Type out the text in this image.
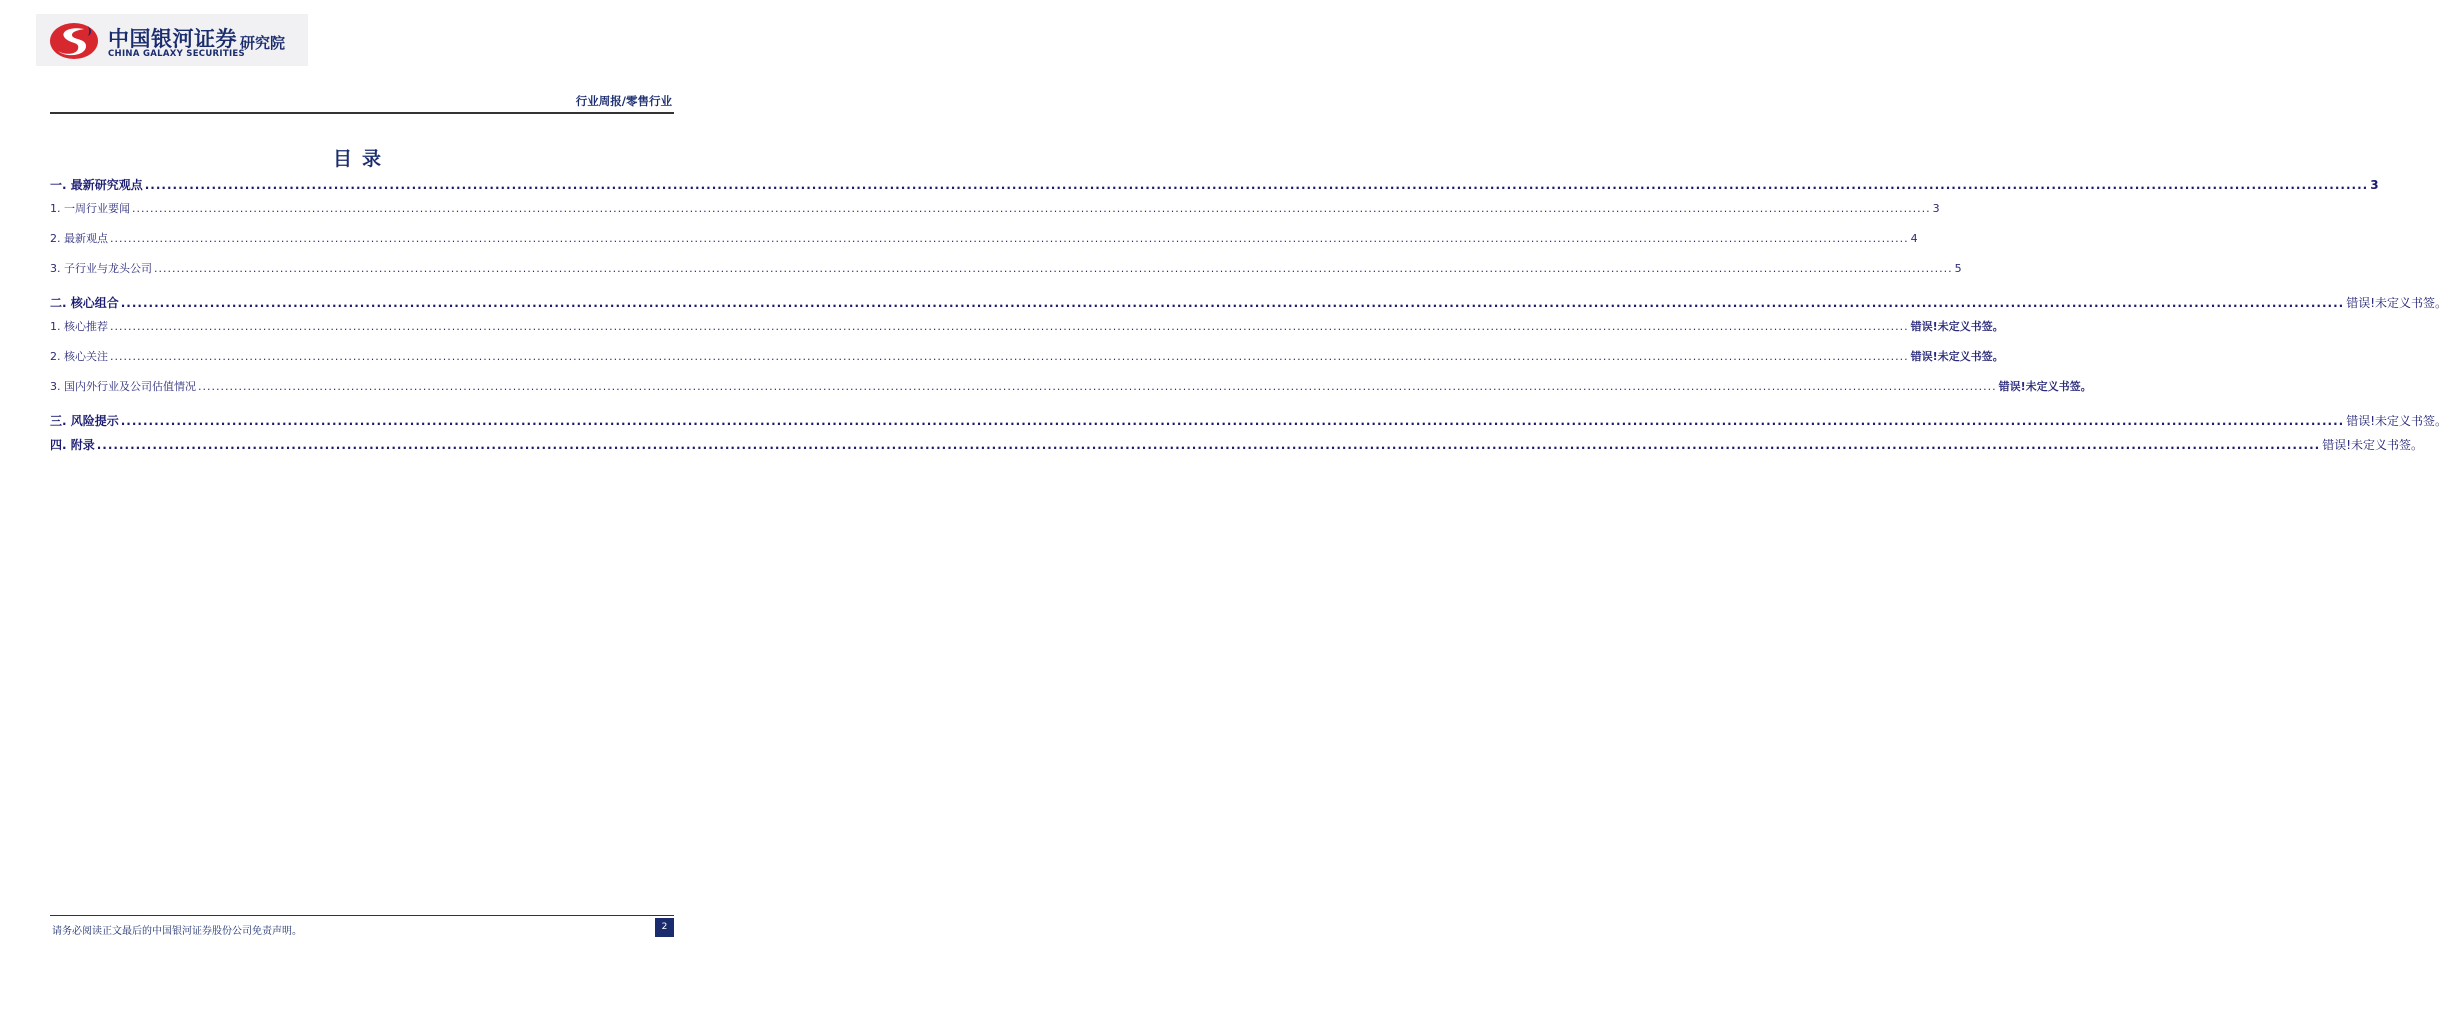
中国银河证券
CHINA GALAXY SECURITIES
研究院
行业周报/零售行业
目录
一. 最新研究观点 ................................................................................................................................................................................................................................................................................................................................................................................................................ 3
1. 一周行业要闻 ................................................................................................................................................................................................................................................................................................................................................................................................................ 3
2. 最新观点 ................................................................................................................................................................................................................................................................................................................................................................................................................ 4
3. 子行业与龙头公司 ................................................................................................................................................................................................................................................................................................................................................................................................................ 5
二. 核心组合 ................................................................................................................................................................................................................................................................................................................................................................................................................ 错误!未定义书签。
1. 核心推荐 ................................................................................................................................................................................................................................................................................................................................................................................................................ 错误!未定义书签。
2. 核心关注 ................................................................................................................................................................................................................................................................................................................................................................................................................ 错误!未定义书签。
3. 国内外行业及公司估值情况 ................................................................................................................................................................................................................................................................................................................................................................................................................ 错误!未定义书签。
三. 风险提示 ................................................................................................................................................................................................................................................................................................................................................................................................................ 错误!未定义书签。
四. 附录 ................................................................................................................................................................................................................................................................................................................................................................................................................ 错误!未定义书签。
请务必阅读正文最后的中国银河证券股份公司免责声明。	2
